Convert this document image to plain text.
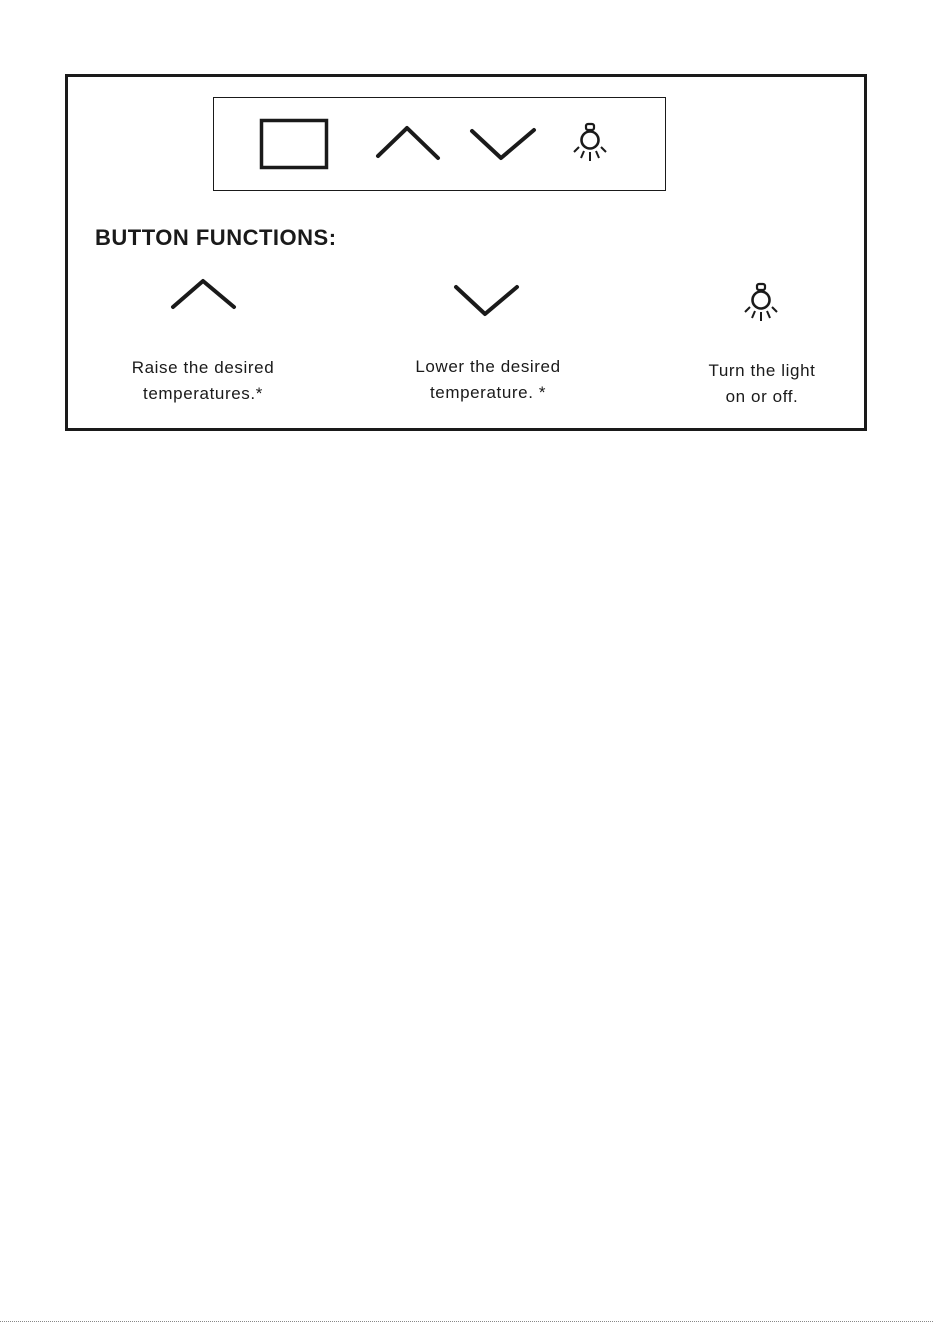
BUTTON FUNCTIONS:
Raise the desired
temperatures.*
Lower the desired
temperature. *
Turn the light
on or off.
